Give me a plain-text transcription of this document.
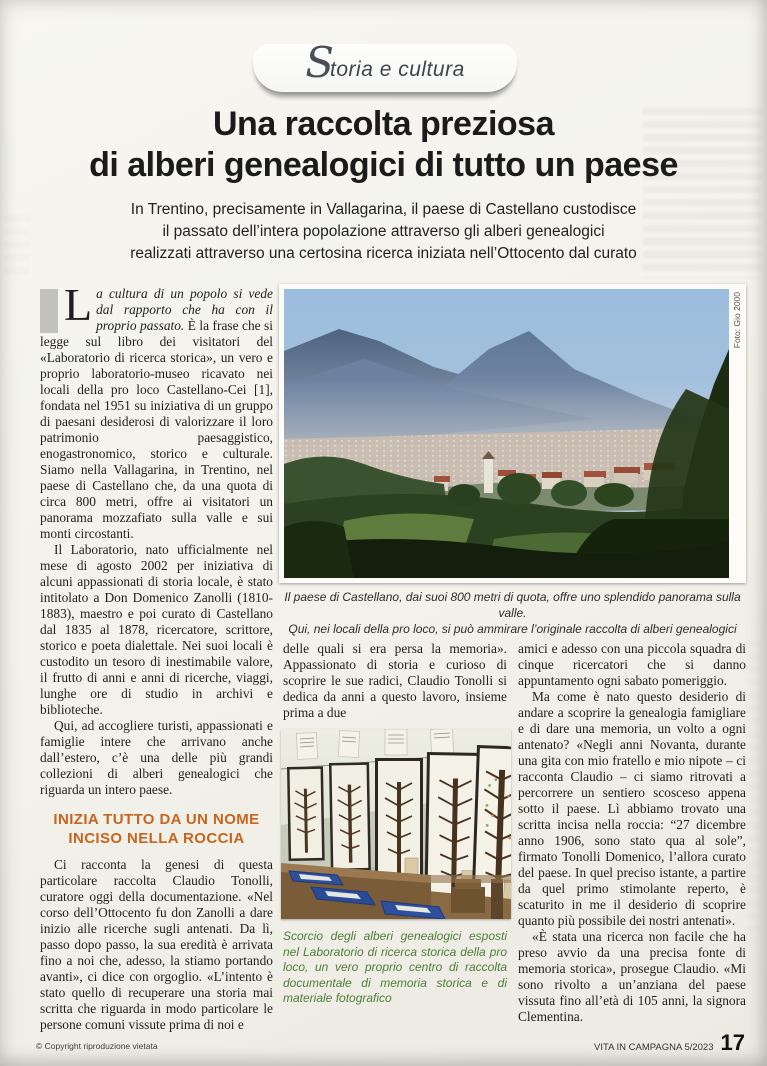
S
toria e cultura
Una raccolta preziosa
di alberi genealogici di tutto un paese
In Trentino, precisamente in Vallagarina, il paese di Castellano custodisce
il passato dell’intera popolazione attraverso gli alberi genealogici
realizzati attraverso una certosina ricerca iniziata nell’Ottocento dal curato
Foto: Gio 2000
Il paese di Castellano, dai suoi 800 metri di quota, offre uno splendido panorama sulla valle.
Qui, nei locali della pro loco, si può ammirare l’originale raccolta di alberi genealogici

La cultura di un popolo si vede dal rapporto che ha con il proprio passato. È la frase che si legge sul libro dei visitatori del «Laboratorio di ricerca storica», un vero e proprio laboratorio-museo ricavato nei locali della pro loco Castellano-Cei [1], fondata nel 1951 su iniziativa di un gruppo di paesani desiderosi di valorizzare il loro patrimonio paesaggistico, enogastronomico, storico e culturale. Siamo nella Vallagarina, in Trentino, nel paese di Castellano che, da una quota di circa 800 metri, offre ai visitatori un panorama mozzafiato sulla valle e sui monti circostanti.

Il Laboratorio, nato ufficialmente nel mese di agosto 2002 per iniziativa di alcuni appassionati di storia locale, è stato intitolato a Don Domenico Zanolli (1810-1883), maestro e poi curato di Castellano dal 1835 al 1878, ricercatore, scrittore, storico e poeta dialettale. Nei suoi locali è custodito un tesoro di inestimabile valore, il frutto di anni e anni di ricerche, viaggi, lunghe ore di studio in archivi e biblioteche.

Qui, ad accogliere turisti, appassionati e famiglie intere che arrivano anche dall’estero, c’è una delle più grandi collezioni di alberi genealogici che riguarda un intero paese.

INIZIA TUTTO DA UN NOME
INCISO NELLA ROCCIA

Ci racconta la genesi di questa particolare raccolta Claudio Tonolli, curatore oggi della documentazione. «Nel corso dell’Ottocento fu don Zanolli a dare inizio alle ricerche sugli antenati. Da lì, passo dopo passo, la sua eredità è arrivata fino a noi che, adesso, la stiamo portando avanti», ci dice con orgoglio. «L’intento è stato quello di recuperare una storia mai scritta che riguarda in modo particolare le persone comuni vissute prima di noi e

delle quali si era persa la memoria». Appassionato di storia e curioso di scoprire le sue radici, Claudio Tonolli si dedica da anni a questo lavoro, insieme prima a due

Scorcio degli alberi genealogici esposti nel Laboratorio di ricerca storica della pro loco, un vero proprio centro di raccolta documentale di memoria storica e di materiale fotografico

amici e adesso con una piccola squadra di cinque ricercatori che si danno appuntamento ogni sabato pomeriggio.

Ma come è nato questo desiderio di andare a scoprire la genealogia famigliare e di dare una memoria, un volto a ogni antenato? «Negli anni Novanta, durante una gita con mio fratello e mio nipote – ci racconta Claudio – ci siamo ritrovati a percorrere un sentiero scosceso appena sotto il paese. Lì abbiamo trovato una scritta incisa nella roccia: “27 dicembre anno 1906, sono stato qua al sole”, firmato Tonolli Domenico, l’allora curato del paese. In quel preciso istante, a partire da quel primo stimolante reperto, è scaturito in me il desiderio di scoprire quanto più possibile dei nostri antenati».

«È stata una ricerca non facile che ha preso avvio da una precisa fonte di memoria storica», prosegue Claudio. «Mi sono rivolto a un’anziana del paese vissuta fino all’età di 105 anni, la signora Clementina.

© Copyright riproduzione vietata	VITA IN CAMPAGNA 5/2023 17
